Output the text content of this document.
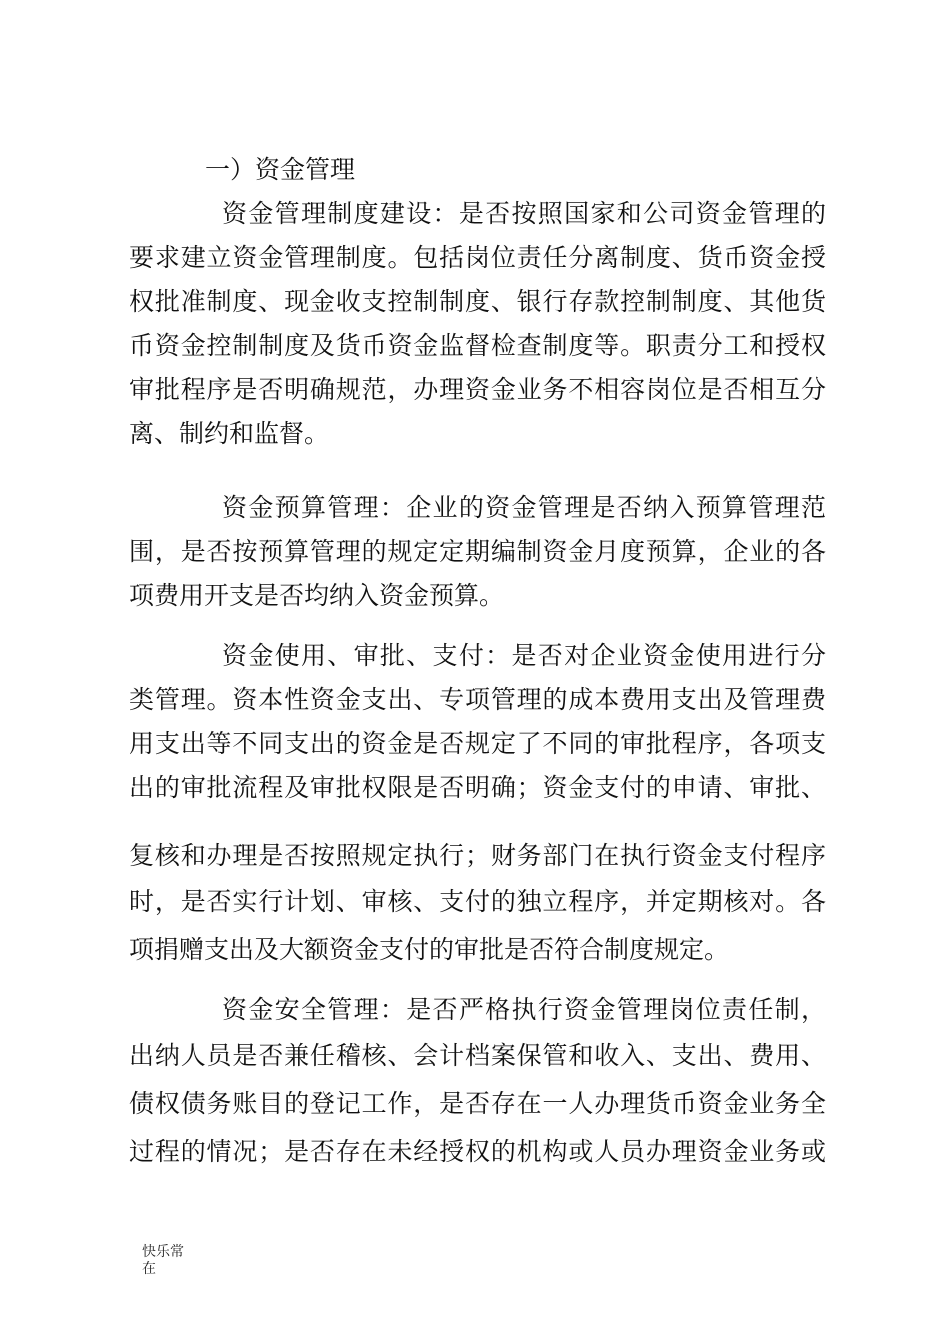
一）资金管理
资金管理制度建设：是否按照国家和公司资金管理的
要求建立资金管理制度。包括岗位责任分离制度、货币资金授
权批准制度、现金收支控制制度、银行存款控制制度、其他货
币资金控制制度及货币资金监督检查制度等。职责分工和授权
审批程序是否明确规范，办理资金业务不相容岗位是否相互分
离、制约和监督。
资金预算管理：企业的资金管理是否纳入预算管理范
围，是否按预算管理的规定定期编制资金月度预算，企业的各
项费用开支是否均纳入资金预算。
资金使用、审批、支付：是否对企业资金使用进行分
类管理。资本性资金支出、专项管理的成本费用支出及管理费
用支出等不同支出的资金是否规定了不同的审批程序，各项支
出的审批流程及审批权限是否明确；资金支付的申请、审批、
复核和办理是否按照规定执行；财务部门在执行资金支付程序
时，是否实行计划、审核、支付的独立程序，并定期核对。各
项捐赠支出及大额资金支付的审批是否符合制度规定。
资金安全管理：是否严格执行资金管理岗位责任制，
出纳人员是否兼任稽核、会计档案保管和收入、支出、费用、
债权债务账目的登记工作，是否存在一人办理货币资金业务全
过程的情况；是否存在未经授权的机构或人员办理资金业务或
快乐常
在
